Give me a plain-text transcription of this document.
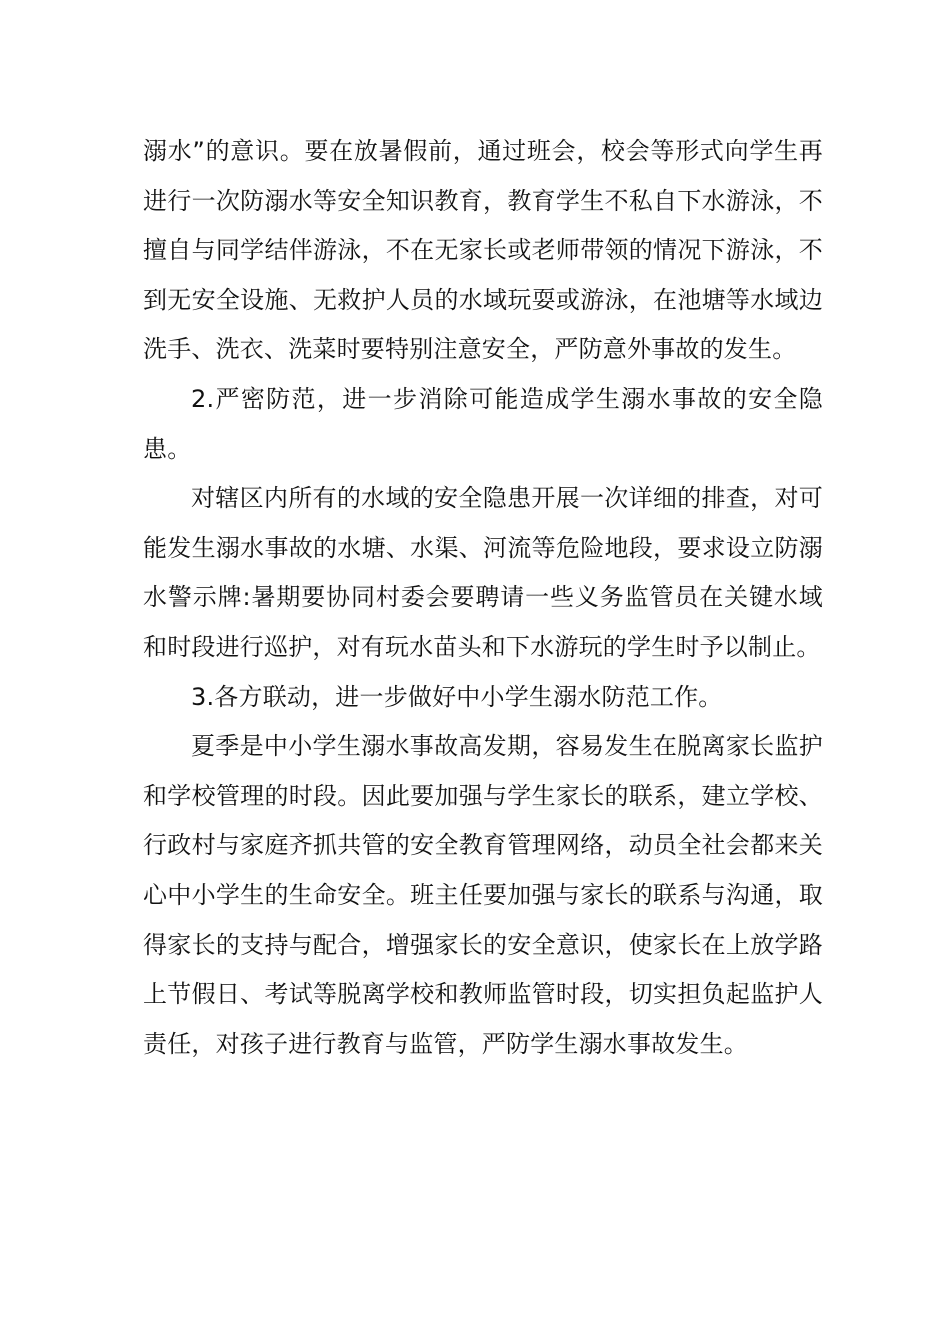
溺水”的意识。要在放暑假前，通过班会，校会等形式向学生再进行一次防溺水等安全知识教育，教育学生不私自下水游泳，不擅自与同学结伴游泳，不在无家长或老师带领的情况下游泳，不到无安全设施、无救护人员的水域玩耍或游泳，在池塘等水域边洗手、洗衣、洗菜时要特别注意安全，严防意外事故的发生。

2.严密防范，进一步消除可能造成学生溺水事故的安全隐患。

对辖区内所有的水域的安全隐患开展一次详细的排查，对可能发生溺水事故的水塘、水渠、河流等危险地段，要求设立防溺水警示牌:暑期要协同村委会要聘请一些义务监管员在关键水域和时段进行巡护，对有玩水苗头和下水游玩的学生时予以制止。

3.各方联动，进一步做好中小学生溺水防范工作。

夏季是中小学生溺水事故高发期，容易发生在脱离家长监护和学校管理的时段。因此要加强与学生家长的联系，建立学校、行政村与家庭齐抓共管的安全教育管理网络，动员全社会都来关心中小学生的生命安全。班主任要加强与家长的联系与沟通，取得家长的支持与配合，增强家长的安全意识，使家长在上放学路上节假日、考试等脱离学校和教师监管时段，切实担负起监护人责任，对孩子进行教育与监管，严防学生溺水事故发生。
